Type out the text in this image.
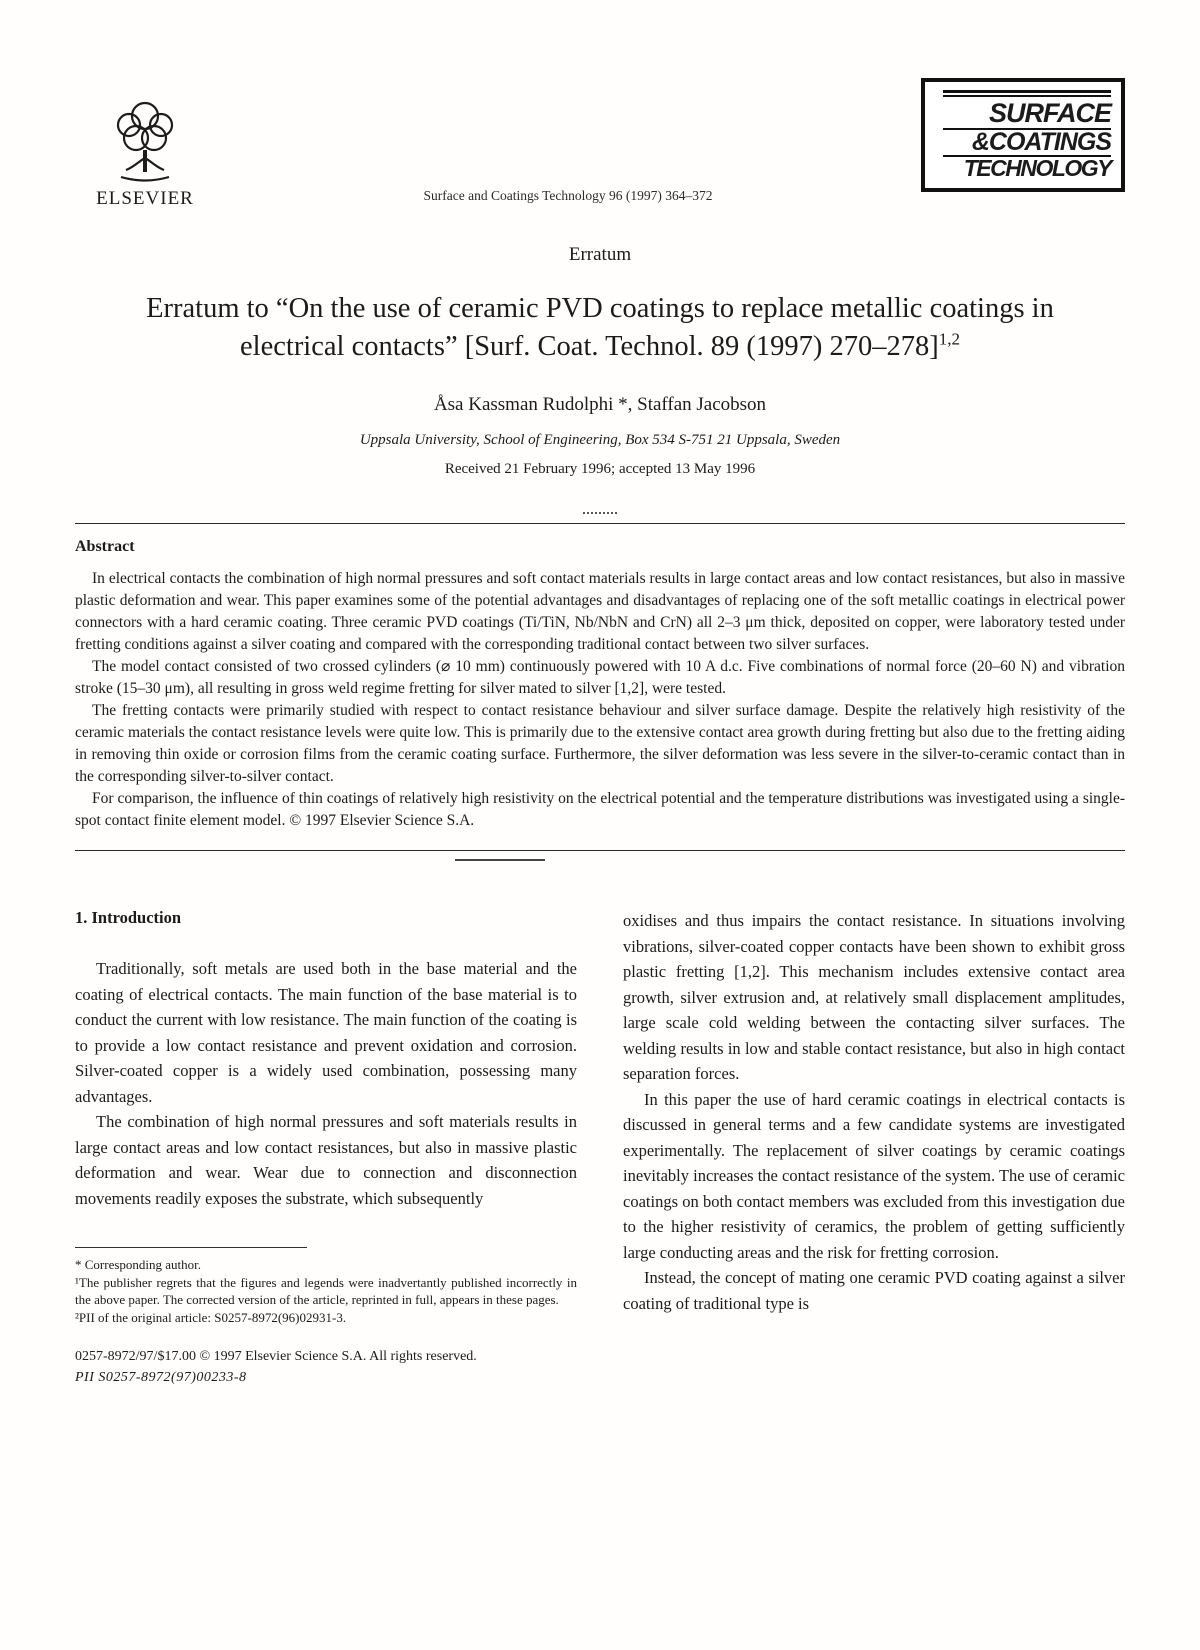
ELSEVIER	Surface and Coatings Technology 96 (1997) 364–372
SURFACE
&COATINGS
TECHNOLOGY
Erratum
Erratum to “On the use of ceramic PVD coatings to replace metallic coatings in electrical contacts” [Surf. Coat. Technol. 89 (1997) 270–278]$^{1,2}$
Åsa Kassman Rudolphi *, Staffan Jacobson
Uppsala University, School of Engineering, Box 534 S-751 21 Uppsala, Sweden
Received 21 February 1996; accepted 13 May 1996
Abstract

In electrical contacts the combination of high normal pressures and soft contact materials results in large contact areas and low contact resistances, but also in massive plastic deformation and wear. This paper examines some of the potential advantages and disadvantages of replacing one of the soft metallic coatings in electrical power connectors with a hard ceramic coating. Three ceramic PVD coatings (Ti/TiN, Nb/NbN and CrN) all 2–3 μm thick, deposited on copper, were laboratory tested under fretting conditions against a silver coating and compared with the corresponding traditional contact between two silver surfaces.

The model contact consisted of two crossed cylinders (⌀ 10 mm) continuously powered with 10 A d.c. Five combinations of normal force (20–60 N) and vibration stroke (15–30 μm), all resulting in gross weld regime fretting for silver mated to silver [1,2], were tested.

The fretting contacts were primarily studied with respect to contact resistance behaviour and silver surface damage. Despite the relatively high resistivity of the ceramic materials the contact resistance levels were quite low. This is primarily due to the extensive contact area growth during fretting but also due to the fretting aiding in removing thin oxide or corrosion films from the ceramic coating surface. Furthermore, the silver deformation was less severe in the silver-to-ceramic contact than in the corresponding silver-to-silver contact.

For comparison, the influence of thin coatings of relatively high resistivity on the electrical potential and the temperature distributions was investigated using a single-spot contact finite element model. © 1997 Elsevier Science S.A.

1. Introduction

Traditionally, soft metals are used both in the base material and the coating of electrical contacts. The main function of the base material is to conduct the current with low resistance. The main function of the coating is to provide a low contact resistance and prevent oxidation and corrosion. Silver-coated copper is a widely used combination, possessing many advantages.

The combination of high normal pressures and soft materials results in large contact areas and low contact resistances, but also in massive plastic deformation and wear. Wear due to connection and disconnection movements readily exposes the substrate, which subsequently

* Corresponding author.

¹The publisher regrets that the figures and legends were inadvertantly published incorrectly in the above paper. The corrected version of the article, reprinted in full, appears in these pages.

²PII of the original article: S0257-8972(96)02931-3.

oxidises and thus impairs the contact resistance. In situations involving vibrations, silver-coated copper contacts have been shown to exhibit gross plastic fretting [1,2]. This mechanism includes extensive contact area growth, silver extrusion and, at relatively small displacement amplitudes, large scale cold welding between the contacting silver surfaces. The welding results in low and stable contact resistance, but also in high contact separation forces.

In this paper the use of hard ceramic coatings in electrical contacts is discussed in general terms and a few candidate systems are investigated experimentally. The replacement of silver coatings by ceramic coatings inevitably increases the contact resistance of the system. The use of ceramic coatings on both contact members was excluded from this investigation due to the higher resistivity of ceramics, the problem of getting sufficiently large conducting areas and the risk for fretting corrosion.

Instead, the concept of mating one ceramic PVD coating against a silver coating of traditional type is

0257-8972/97/$17.00 © 1997 Elsevier Science S.A. All rights reserved.

PII S0257-8972(97)00233-8
